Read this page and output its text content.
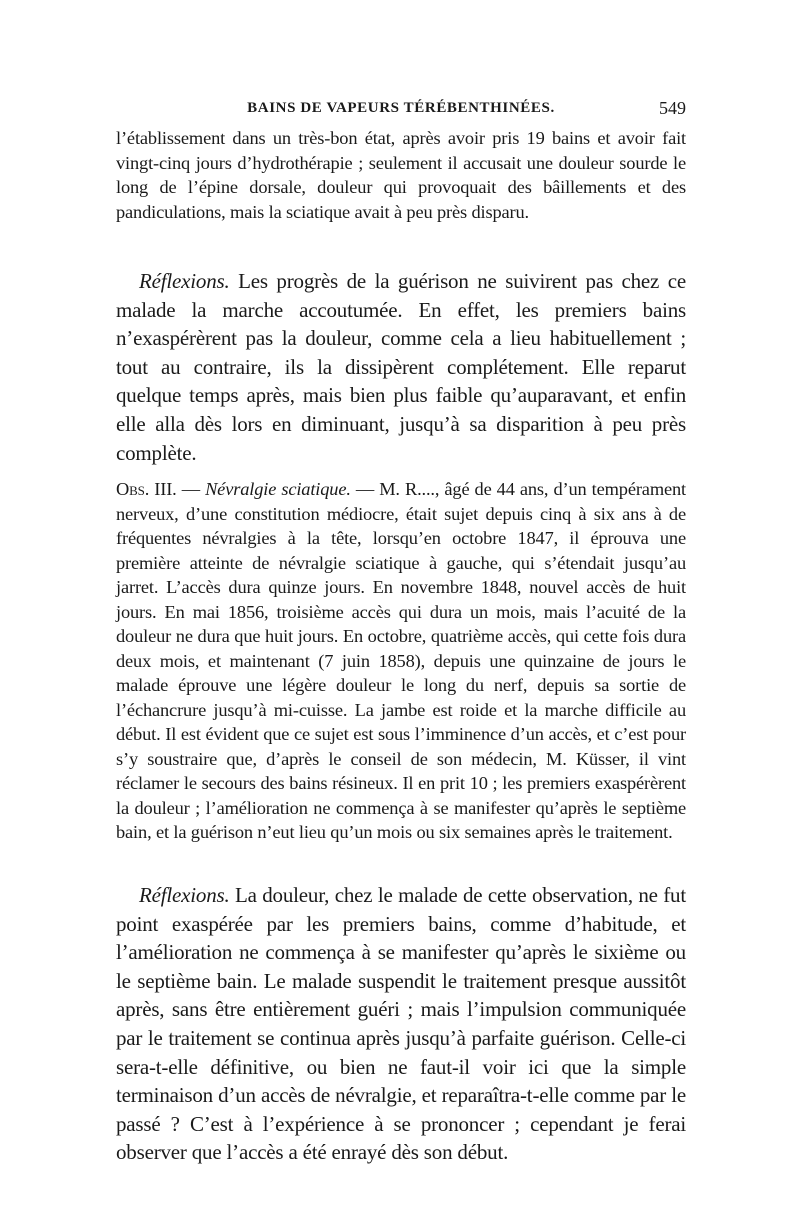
BAINS DE VAPEURS TÉRÉBENTHINÉES.	549

l’établissement dans un très-bon état, après avoir pris 19 bains et avoir fait vingt-cinq jours d’hydrothérapie ; seulement il accusait une douleur sourde le long de l’épine dorsale, douleur qui provoquait des bâillements et des pandiculations, mais la sciatique avait à peu près disparu.

Réflexions. Les progrès de la guérison ne suivirent pas chez ce malade la marche accoutumée. En effet, les premiers bains n’exaspérèrent pas la douleur, comme cela a lieu habituellement ; tout au contraire, ils la dissipèrent complétement. Elle reparut quelque temps après, mais bien plus faible qu’auparavant, et enfin elle alla dès lors en diminuant, jusqu’à sa disparition à peu près complète.

Obs. III. — Névralgie sciatique. — M. R...., âgé de 44 ans, d’un tempérament nerveux, d’une constitution médiocre, était sujet depuis cinq à six ans à de fréquentes névralgies à la tête, lorsqu’en octobre 1847, il éprouva une première atteinte de névralgie sciatique à gauche, qui s’étendait jusqu’au jarret. L’accès dura quinze jours. En novembre 1848, nouvel accès de huit jours. En mai 1856, troisième accès qui dura un mois, mais l’acuité de la douleur ne dura que huit jours. En octobre, quatrième accès, qui cette fois dura deux mois, et maintenant (7 juin 1858), depuis une quinzaine de jours le malade éprouve une légère douleur le long du nerf, depuis sa sortie de l’échancrure jusqu’à mi-cuisse. La jambe est roide et la marche difficile au début. Il est évident que ce sujet est sous l’imminence d’un accès, et c’est pour s’y soustraire que, d’après le conseil de son médecin, M. Küsser, il vint réclamer le secours des bains résineux. Il en prit 10 ; les premiers exaspérèrent la douleur ; l’amélioration ne commença à se manifester qu’après le septième bain, et la guérison n’eut lieu qu’un mois ou six semaines après le traitement.

Réflexions. La douleur, chez le malade de cette observation, ne fut point exaspérée par les premiers bains, comme d’habitude, et l’amélioration ne commença à se manifester qu’après le sixième ou le septième bain. Le malade suspendit le traitement presque aussitôt après, sans être entièrement guéri ; mais l’impulsion communiquée par le traitement se continua après jusqu’à parfaite guérison. Celle-ci sera-t-elle définitive, ou bien ne faut-il voir ici que la simple terminaison d’un accès de névralgie, et reparaîtra-t-elle comme par le passé ? C’est à l’expérience à se prononcer ; cependant je ferai observer que l’accès a été enrayé dès son début.
